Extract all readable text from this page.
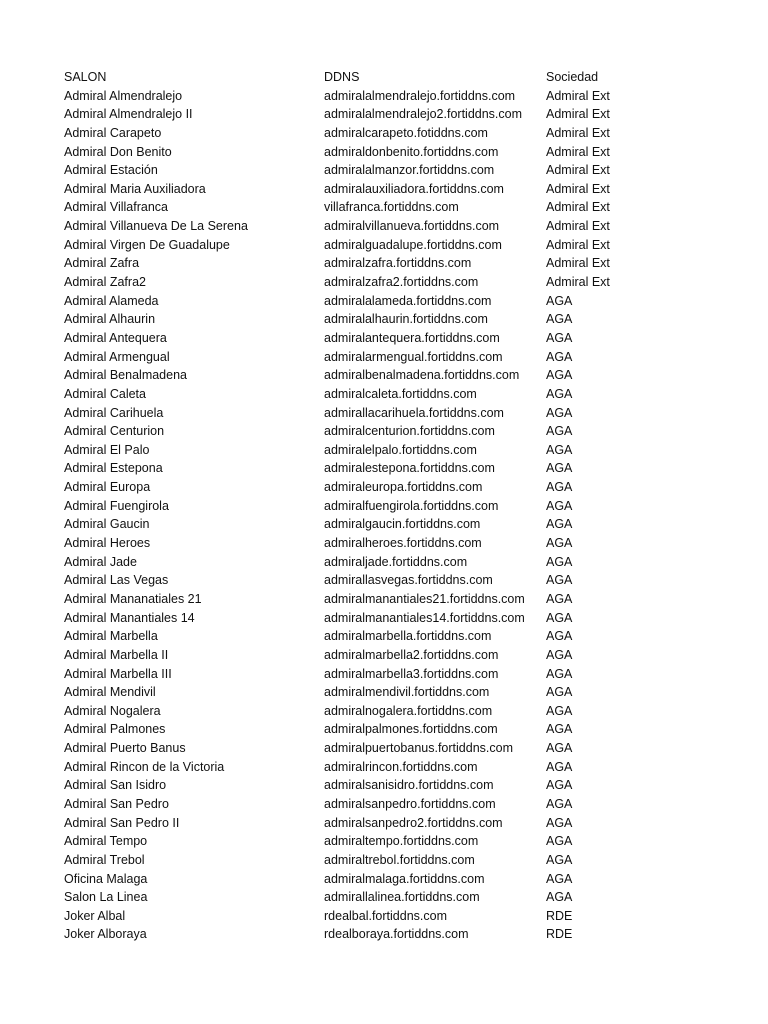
SALON	DDNS	Sociedad
Admiral Almendralejo	admiralalmendralejo.fortiddns.com	Admiral Ext
Admiral Almendralejo II	admiralalmendralejo2.fortiddns.com	Admiral Ext
Admiral Carapeto	admiralcarapeto.fotiddns.com	Admiral Ext
Admiral Don Benito	admiraldonbenito.fortiddns.com	Admiral Ext
Admiral Estación	admiralalmanzor.fortiddns.com	Admiral Ext
Admiral Maria Auxiliadora	admiralauxiliadora.fortiddns.com	Admiral Ext
Admiral Villafranca	villafranca.fortiddns.com	Admiral Ext
Admiral Villanueva De La Serena	admiralvillanueva.fortiddns.com	Admiral Ext
Admiral Virgen De Guadalupe	admiralguadalupe.fortiddns.com	Admiral Ext
Admiral Zafra	admiralzafra.fortiddns.com	Admiral Ext
Admiral Zafra2	admiralzafra2.fortiddns.com	Admiral Ext
Admiral Alameda	admiralalameda.fortiddns.com	AGA
Admiral Alhaurin	admiralalhaurin.fortiddns.com	AGA
Admiral Antequera	admiralantequera.fortiddns.com	AGA
Admiral Armengual	admiralarmengual.fortiddns.com	AGA
Admiral Benalmadena	admiralbenalmadena.fortiddns.com	AGA
Admiral Caleta	admiralcaleta.fortiddns.com	AGA
Admiral Carihuela	admirallacarihuela.fortiddns.com	AGA
Admiral Centurion	admiralcenturion.fortiddns.com	AGA
Admiral El Palo	admiralelpalo.fortiddns.com	AGA
Admiral Estepona	admiralestepona.fortiddns.com	AGA
Admiral Europa	admiraleuropa.fortiddns.com	AGA
Admiral Fuengirola	admiralfuengirola.fortiddns.com	AGA
Admiral Gaucin	admiralgaucin.fortiddns.com	AGA
Admiral Heroes	admiralheroes.fortiddns.com	AGA
Admiral Jade	admiraljade.fortiddns.com	AGA
Admiral Las Vegas	admirallasvegas.fortiddns.com	AGA
Admiral Mananatiales 21	admiralmanantiales21.fortiddns.com	AGA
Admiral Manantiales 14	admiralmanantiales14.fortiddns.com	AGA
Admiral Marbella	admiralmarbella.fortiddns.com	AGA
Admiral Marbella II	admiralmarbella2.fortiddns.com	AGA
Admiral Marbella III	admiralmarbella3.fortiddns.com	AGA
Admiral Mendivil	admiralmendivil.fortiddns.com	AGA
Admiral Nogalera	admiralnogalera.fortiddns.com	AGA
Admiral Palmones	admiralpalmones.fortiddns.com	AGA
Admiral Puerto Banus	admiralpuertobanus.fortiddns.com	AGA
Admiral Rincon de la Victoria	admiralrincon.fortiddns.com	AGA
Admiral San Isidro	admiralsanisidro.fortiddns.com	AGA
Admiral San Pedro	admiralsanpedro.fortiddns.com	AGA
Admiral San Pedro II	admiralsanpedro2.fortiddns.com	AGA
Admiral Tempo	admiraltempo.fortiddns.com	AGA
Admiral Trebol	admiraltrebol.fortiddns.com	AGA
Oficina Malaga	admiralmalaga.fortiddns.com	AGA
Salon La Linea	admirallalinea.fortiddns.com	AGA
Joker Albal	rdealbal.fortiddns.com	RDE
Joker Alboraya	rdealboraya.fortiddns.com	RDE
